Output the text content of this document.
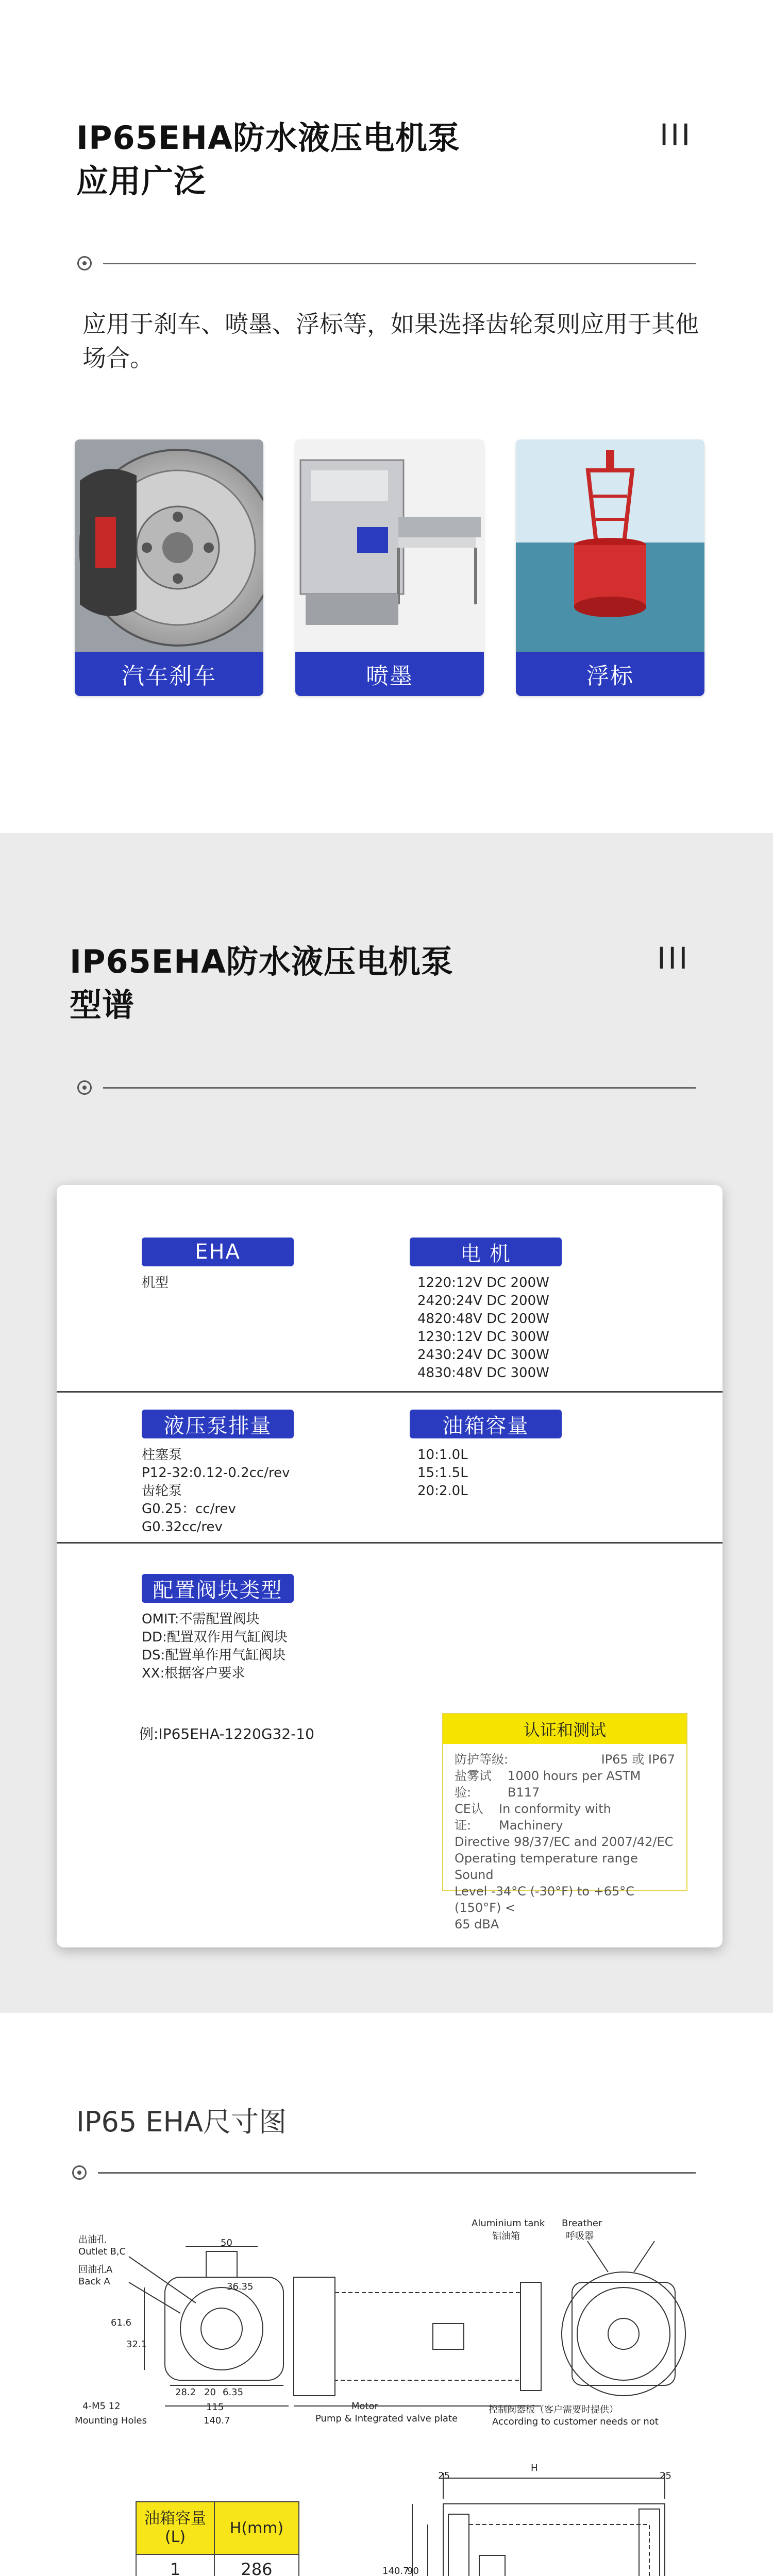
IP65EHA防水液压电机泵
应用广泛
III
应用于刹车、喷墨、浮标等，如果选择齿轮泵则应用于其他场合。
汽车刹车	喷墨	浮标
IP65EHA防水液压电机泵
型谱
III
EHA
机型
电 机
1220:12V DC 200W
2420:24V DC 200W
4820:48V DC 200W
1230:12V DC 300W
2430:24V DC 300W
4830:48V DC 300W
液压泵排量
柱塞泵
P12-32:0.12-0.2cc/rev
齿轮泵
G0.25：cc/rev
G0.32cc/rev
油箱容量
10:1.0L
15:1.5L
20:2.0L
配置阀块类型
OMIT:不需配置阀块
DD:配置双作用气缸阀块
DS:配置单作用气缸阀块
XX:根据客户要求
例:IP65EHA-1220G32-10	认证和测试
防护等级:	IP65 或 IP67
盐雾试验:
1000 hours per ASTM B117
CE认证:
In conformity with Machinery
Directive 98/37/EC and 2007/42/EC
Operating temperature range Sound
Level -34°C (-30°F) to +65°C (150°F) <
65 dBA
IP65 EHA尺寸图
出油孔
Outlet B,C
回油孔A
Back A
4-M5 12
Mounting Holes
Aluminium tank
铝油箱
Breather
呼吸器
Motor
Pump & Integrated valve plate
控制阀器板（客户需要时提供）
According to customer needs or not
50
36.35
61.6
32.1
28.2 20 6.35
115
140.7
油箱容量
(L)	H(mm)
1	286

25
H
25
140.7
90
